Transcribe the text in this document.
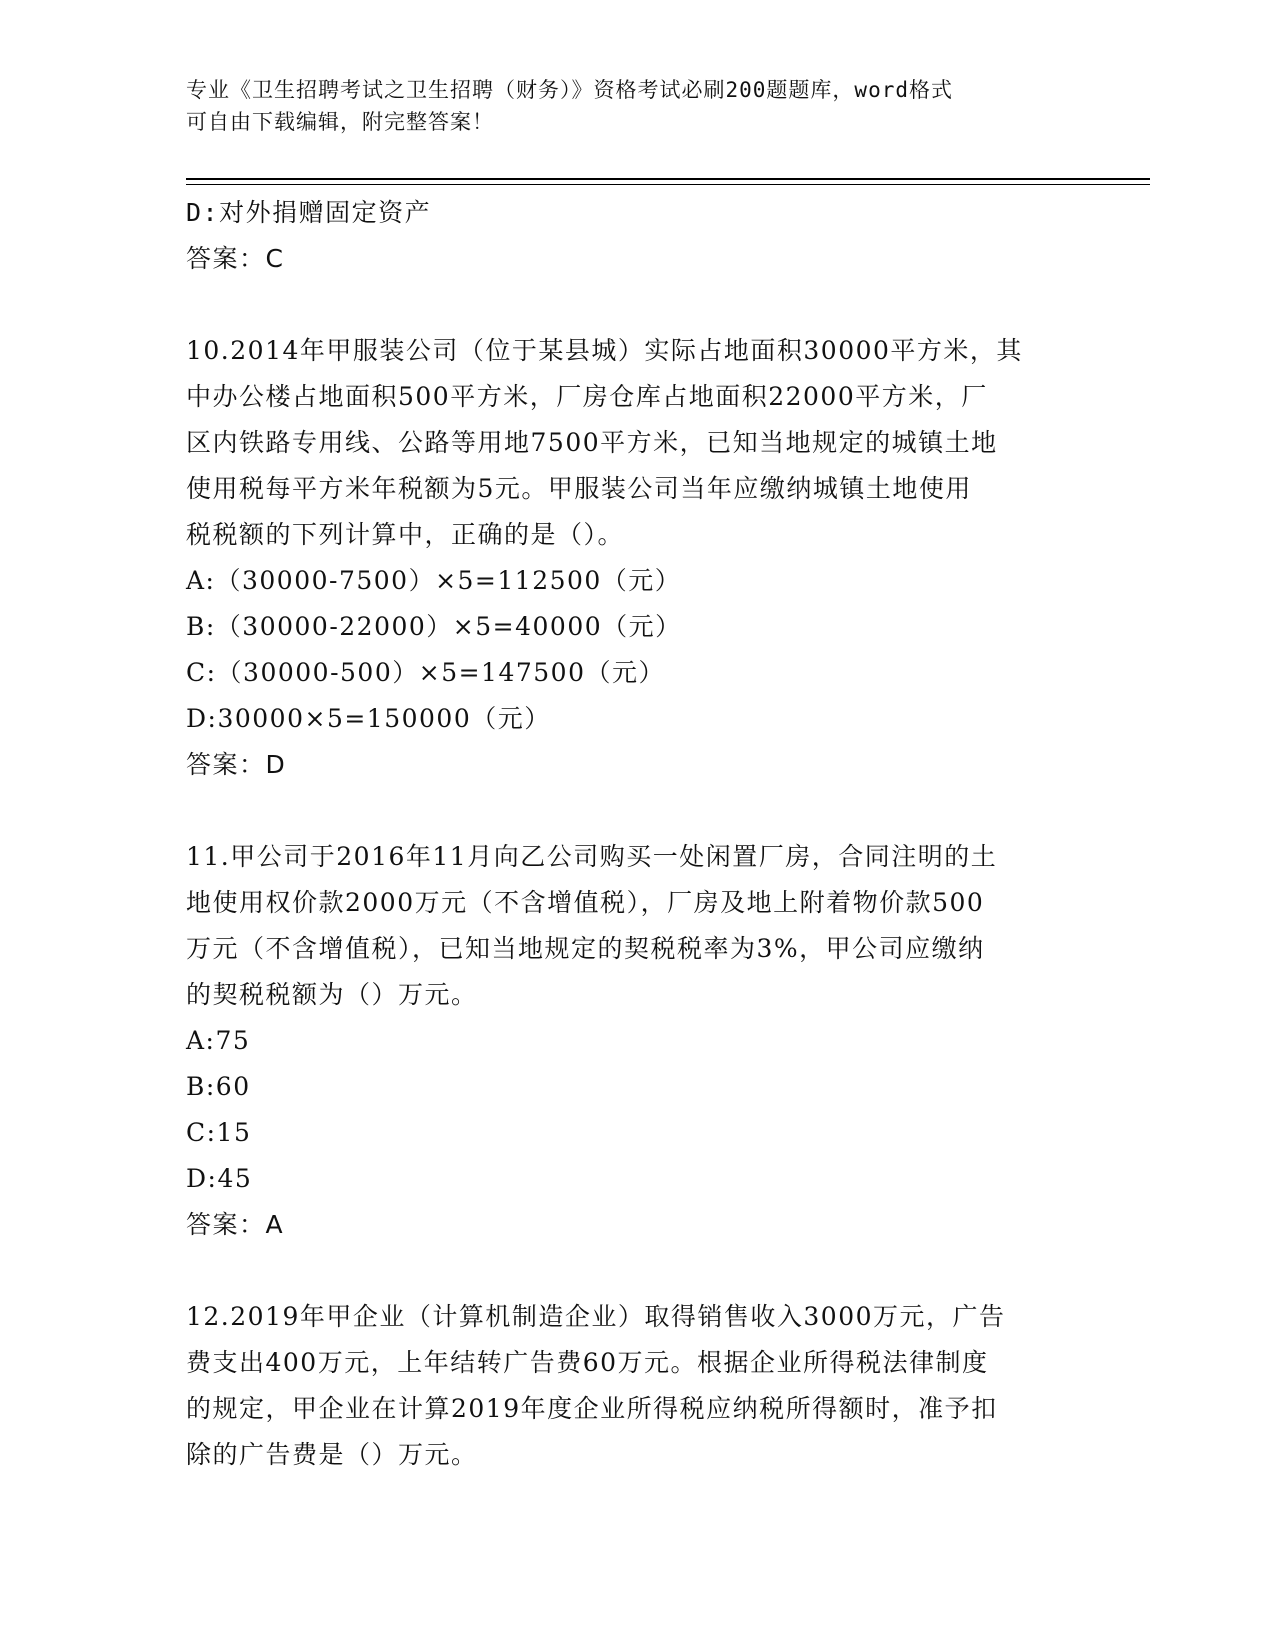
专业《卫生招聘考试之卫生招聘（财务）》资格考试必刷200题题库，word格式
可自由下载编辑，附完整答案！
D:对外捐赠固定资产
答案：C
10.2014年甲服装公司（位于某县城）实际占地面积30000平方米，其
中办公楼占地面积500平方米，厂房仓库占地面积22000平方米，厂
区内铁路专用线、公路等用地7500平方米，已知当地规定的城镇土地
使用税每平方米年税额为5元。甲服装公司当年应缴纳城镇土地使用
税税额的下列计算中，正确的是（）。
A:（30000-7500）×5=112500（元）
B:（30000-22000）×5=40000（元）
C:（30000-500）×5=147500（元）
D:30000×5=150000（元）
答案：D
11.甲公司于2016年11月向乙公司购买一处闲置厂房，合同注明的土
地使用权价款2000万元（不含增值税），厂房及地上附着物价款500
万元（不含增值税），已知当地规定的契税税率为3%，甲公司应缴纳
的契税税额为（）万元。
A:75
B:60
C:15
D:45
答案：A
12.2019年甲企业（计算机制造企业）取得销售收入3000万元，广告
费支出400万元，上年结转广告费60万元。根据企业所得税法律制度
的规定，甲企业在计算2019年度企业所得税应纳税所得额时，准予扣
除的广告费是（）万元。
